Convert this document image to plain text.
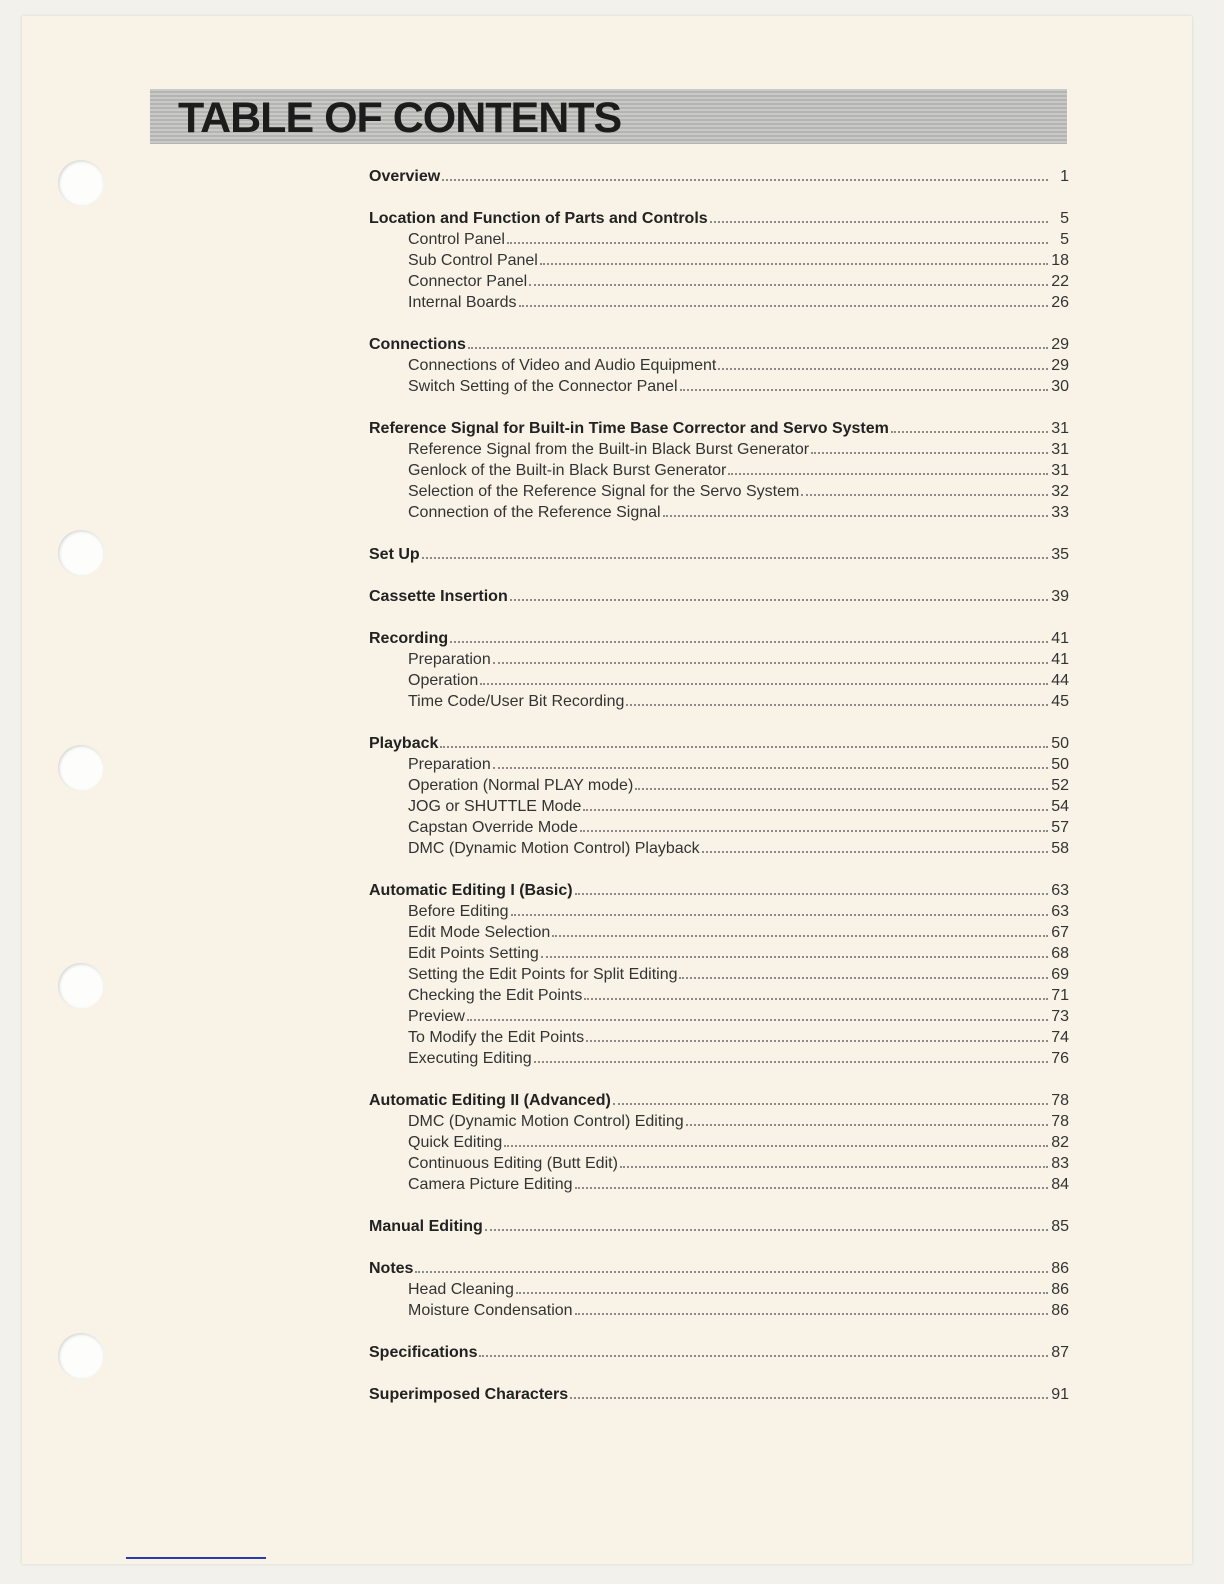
TABLE OF CONTENTS
Overview	1
Location and Function of Parts and Controls	5
Control Panel	5
Sub Control Panel	18
Connector Panel	22
Internal Boards	26
Connections	29
Connections of Video and Audio Equipment	29
Switch Setting of the Connector Panel	30
Reference Signal for Built-in Time Base Corrector and Servo System	31
Reference Signal from the Built-in Black Burst Generator	31
Genlock of the Built-in Black Burst Generator	31
Selection of the Reference Signal for the Servo System	32
Connection of the Reference Signal	33
Set Up	35
Cassette Insertion	39
Recording	41
Preparation	41
Operation	44
Time Code/User Bit Recording	45
Playback	50
Preparation	50
Operation (Normal PLAY mode)	52
JOG or SHUTTLE Mode	54
Capstan Override Mode	57
DMC (Dynamic Motion Control) Playback	58
Automatic Editing I (Basic)	63
Before Editing	63
Edit Mode Selection	67
Edit Points Setting	68
Setting the Edit Points for Split Editing	69
Checking the Edit Points	71
Preview	73
To Modify the Edit Points	74
Executing Editing	76
Automatic Editing II (Advanced)	78
DMC (Dynamic Motion Control) Editing	78
Quick Editing	82
Continuous Editing (Butt Edit)	83
Camera Picture Editing	84
Manual Editing	85
Notes	86
Head Cleaning	86
Moisture Condensation	86
Specifications	87
Superimposed Characters	91
